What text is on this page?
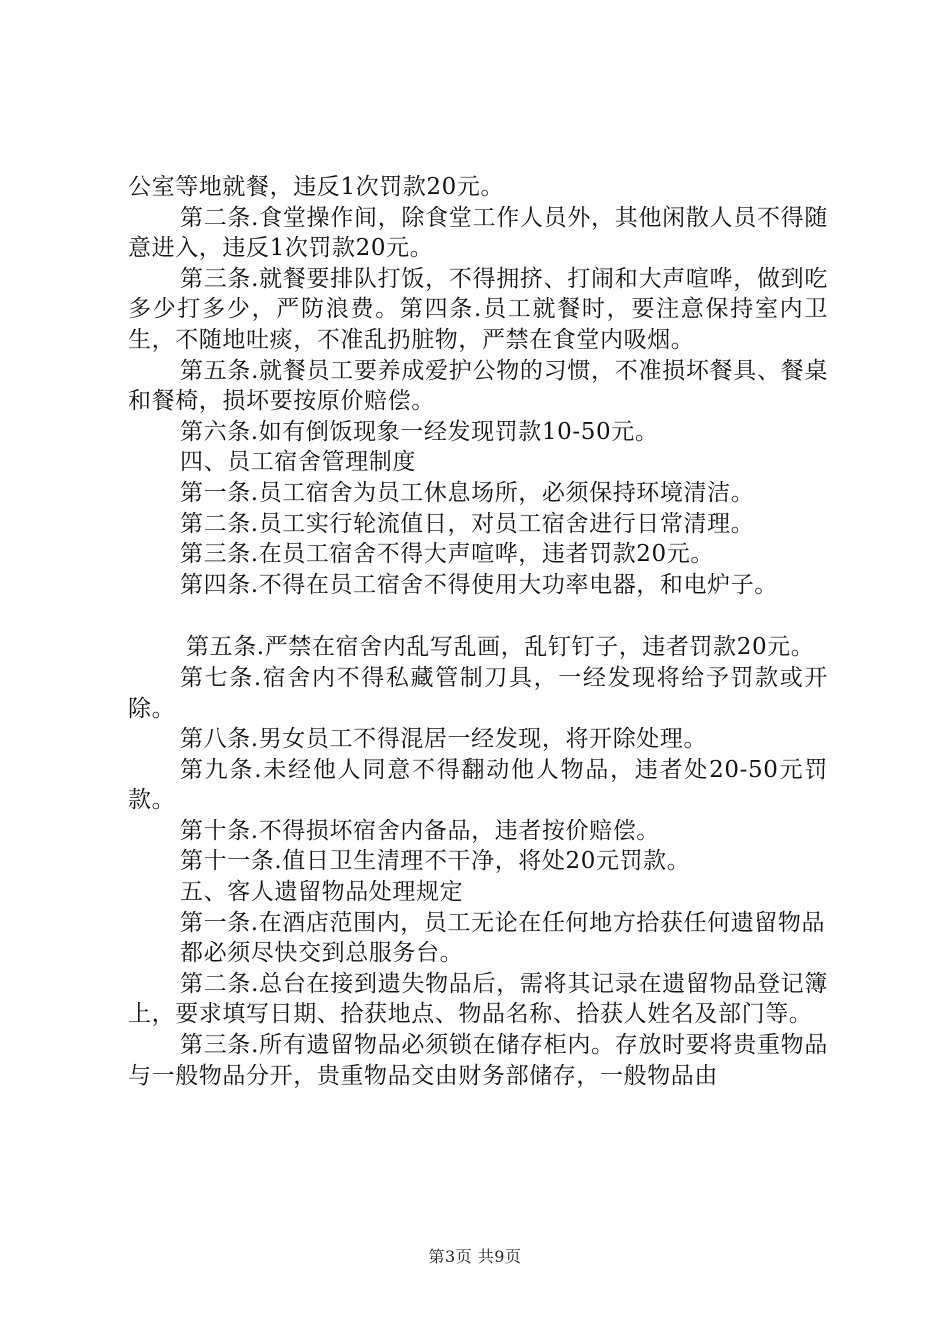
公室等地就餐，违反1次罚款20元。

第二条.食堂操作间，除食堂工作人员外，其他闲散人员不得随意进入，违反1次罚款20元。

第三条.就餐要排队打饭，不得拥挤、打闹和大声喧哗，做到吃多少打多少，严防浪费。第四条.员工就餐时，要注意保持室内卫生，不随地吐痰，不准乱扔脏物，严禁在食堂内吸烟。

第五条.就餐员工要养成爱护公物的习惯，不准损坏餐具、餐桌和餐椅，损坏要按原价赔偿。

第六条.如有倒饭现象一经发现罚款10-50元。

四、员工宿舍管理制度

第一条.员工宿舍为员工休息场所，必须保持环境清洁。

第二条.员工实行轮流值日，对员工宿舍进行日常清理。

第三条.在员工宿舍不得大声喧哗，违者罚款20元。

第四条.不得在员工宿舍不得使用大功率电器，和电炉子。

第五条.严禁在宿舍内乱写乱画，乱钉钉子，违者罚款20元。

第七条.宿舍内不得私藏管制刀具，一经发现将给予罚款或开除。

第八条.男女员工不得混居一经发现，将开除处理。

第九条.未经他人同意不得翻动他人物品，违者处20-50元罚款。

第十条.不得损坏宿舍内备品，违者按价赔偿。

第十一条.值日卫生清理不干净，将处20元罚款。

五、客人遗留物品处理规定

第一条.在酒店范围内，员工无论在任何地方拾获任何遗留物品

都必须尽快交到总服务台。

第二条.总台在接到遗失物品后，需将其记录在遗留物品登记簿上，要求填写日期、拾获地点、物品名称、拾获人姓名及部门等。

第三条.所有遗留物品必须锁在储存柜内。存放时要将贵重物品与一般物品分开，贵重物品交由财务部储存，一般物品由

第3页 共9页
